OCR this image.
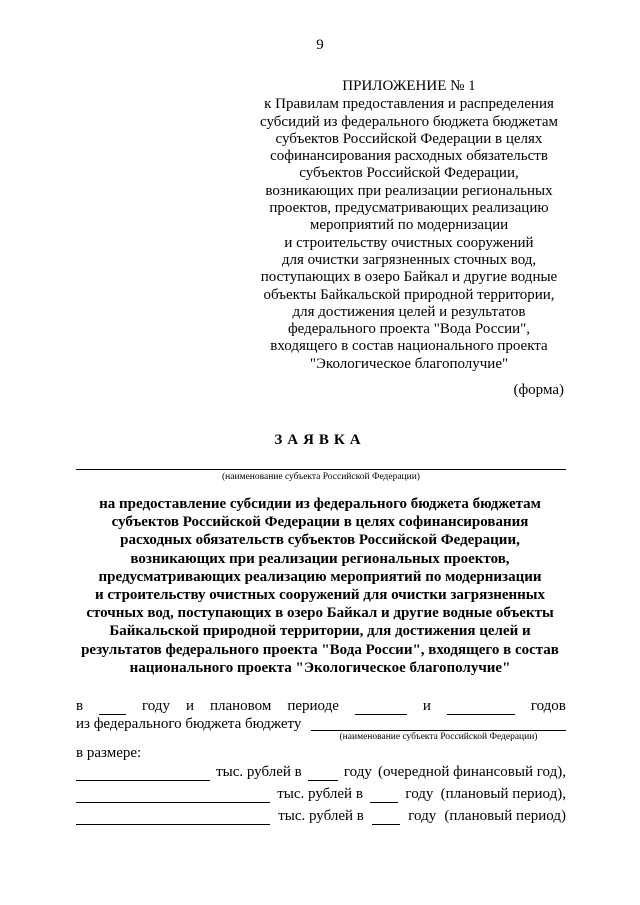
9
ПРИЛОЖЕНИЕ № 1
к Правилам предоставления и распределения
субсидий из федерального бюджета бюджетам
субъектов Российской Федерации в целях
софинансирования расходных обязательств
субъектов Российской Федерации,
возникающих при реализации региональных
проектов, предусматривающих реализацию
мероприятий по модернизации
и строительству очистных сооружений
для очистки загрязненных сточных вод,
поступающих в озеро Байкал и другие водные
объекты Байкальской природной территории,
для достижения целей и результатов
федерального проекта "Вода России",
входящего в состав национального проекта
"Экологическое благополучие"
(форма)
ЗАЯВКА
(наименование субъекта Российской Федерации)
на предоставление субсидии из федерального бюджета бюджетам
субъектов Российской Федерации в целях софинансирования
расходных обязательств субъектов Российской Федерации,
возникающих при реализации региональных проектов,
предусматривающих реализацию мероприятий по модернизации
и строительству очистных сооружений для очистки загрязненных
сточных вод, поступающих в озеро Байкал и другие водные объекты
Байкальской природной территории, для достижения целей и
результатов федерального проекта "Вода России", входящего в состав
национального проекта "Экологическое благополучие"
в	году и плановом периоде	и	годов
из федерального бюджета бюджету
(наименование субъекта Российской Федерации)
в размере:
тыс. рублей в	году (очередной финансовый год),
тыс. рублей в	году (плановый период),
тыс. рублей в	году (плановый период)
